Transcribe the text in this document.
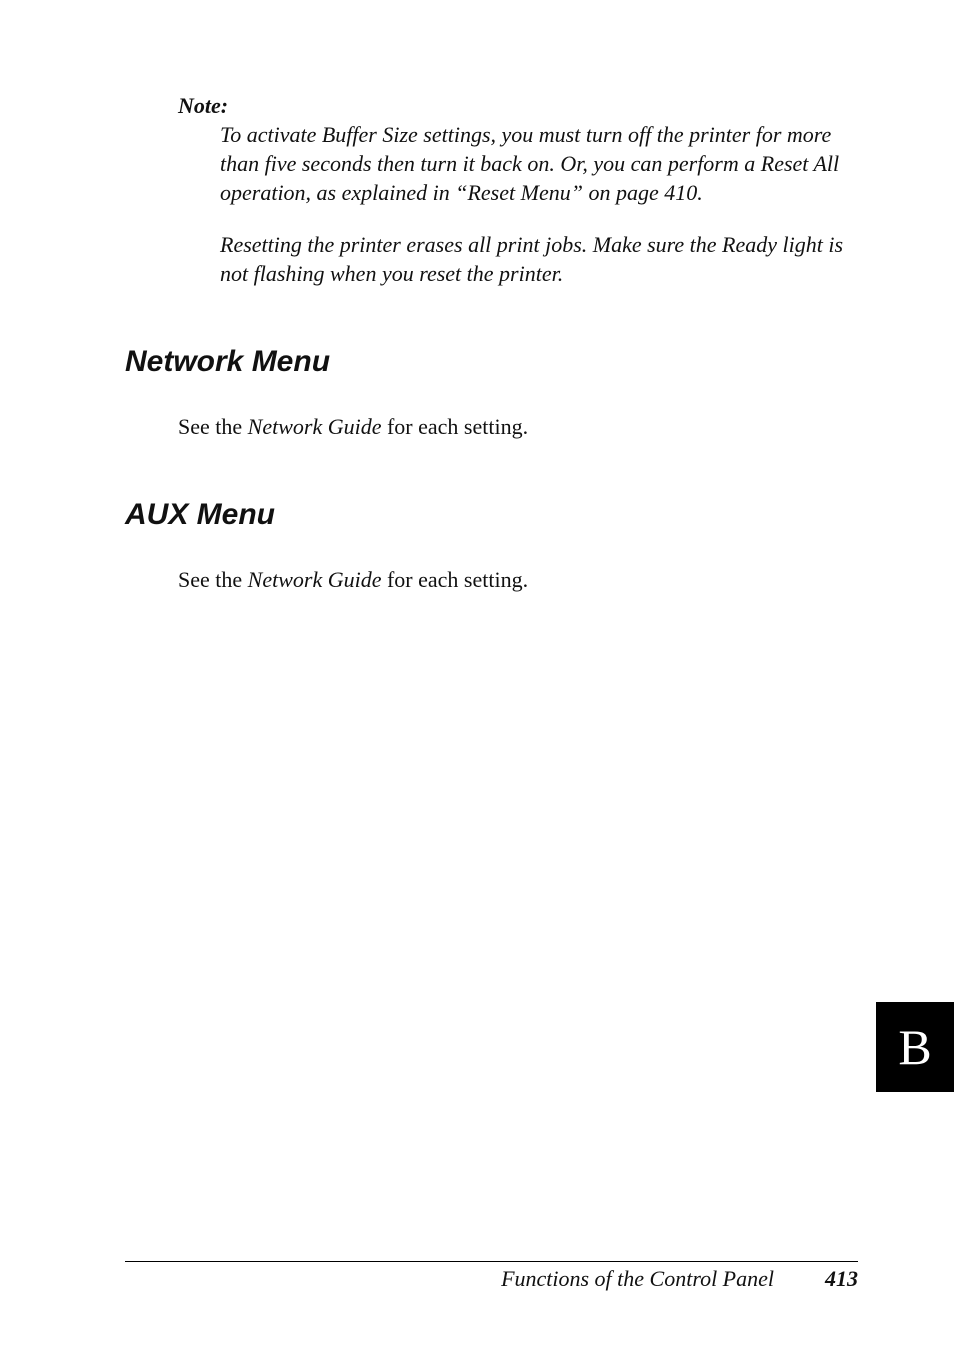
Note:

To activate Buffer Size settings, you must turn off the printer for more than five seconds then turn it back on. Or, you can perform a Reset All operation, as explained in “Reset Menu” on page 410.

Resetting the printer erases all print jobs. Make sure the Ready light is not flashing when you reset the printer.

Network Menu

See the Network Guide for each setting.

AUX Menu

See the Network Guide for each setting.

B
Functions of the Control Panel 413
